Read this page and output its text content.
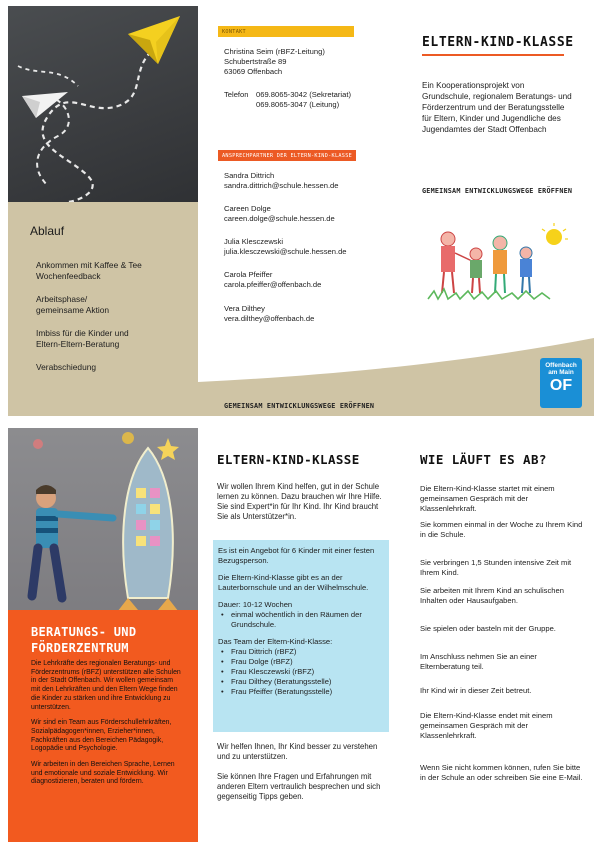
Ablauf
Ankommen mit Kaffee & Tee
Wochenfeedback
Arbeitsphase/
gemeinsame Aktion
Imbiss für die Kinder und
Eltern-Eltern-Beratung
Verabschiedung
KONTAKT
Christina Seim (rBFZ-Leitung)
Schubertstraße 89
63069 Offenbach
Telefon 069.8065-3042 (Sekretariat)
069.8065-3047 (Leitung)
ANSPRECHPARTNER DER ELTERN-KIND-KLASSE
Sandra Dittrich
sandra.dittrich@schule.hessen.de
Careen Dolge
careen.dolge@schule.hessen.de
Julia Klesczewski
julia.klesczewski@schule.hessen.de
Carola Pfeiffer
carola.pfeiffer@offenbach.de
Vera Dilthey
vera.dilthey@offenbach.de
ELTERN-KIND-KLASSE
Ein Kooperationsprojekt von Grundschule, regionalem Beratungs- und Förderzentrum und der Beratungsstelle für Eltern, Kinder und Jugendliche des Jugendamtes der Stadt Offenbach
GEMEINSAM ENTWICKLUNGSWEGE ERÖFFNEN
GEMEINSAM ENTWICKLUNGSWEGE ERÖFFNEN
Offenbach
am Main
OF
BERATUNGS- UND
FÖRDERZENTRUM

Die Lehrkräfte des regionalen Beratungs- und Förderzentrums (rBFZ) unterstützen alle Schulen in der Stadt Offenbach. Wir wollen gemeinsam mit den Lehrkräften und den Eltern Wege finden die Kinder zu stärken und ihre Entwicklung zu unterstützen.

Wir sind ein Team aus Förderschullehrkräften, Sozialpädagogen*innen, Erzieher*innen, Fachkräften aus den Bereichen Pädagogik, Logopädie und Psychologie.

Wir arbeiten in den Bereichen Sprache, Lernen und emotionale und soziale Entwicklung. Wir diagnostizieren, beraten und fördern.

ELTERN-KIND-KLASSE
Wir wollen Ihrem Kind helfen, gut in der Schule lernen zu können. Dazu brauchen wir Ihre Hilfe. Sie sind Expert*in für Ihr Kind. Ihr Kind braucht Sie als Unterstützer*in.
Es ist ein Angebot für 6 Kinder mit einer festen Bezugsperson.
Die Eltern-Kind-Klasse gibt es an der Lauterbornschule und an der Wilhelmschule.
Dauer: 10-12 Wochen
• einmal wöchentlich in den Räumen der Grundschule.
Das Team der Eltern-Kind-Klasse:
• Frau Dittrich (rBFZ)
• Frau Dolge (rBFZ)
• Frau Klesczewski (rBFZ)
• Frau Dilthey (Beratungsstelle)
• Frau Pfeiffer (Beratungsstelle)

Wir helfen Ihnen, Ihr Kind besser zu verstehen und zu unterstützen.

Sie können Ihre Fragen und Erfahrungen mit anderen Eltern vertraulich besprechen und sich gegenseitig Tipps geben.

WIE LÄUFT ES AB?
Die Eltern-Kind-Klasse startet mit einem gemeinsamen Gespräch mit der Klassenlehrkraft.
Sie kommen einmal in der Woche zu Ihrem Kind in die Schule.
Sie verbringen 1,5 Stunden intensive Zeit mit Ihrem Kind.
Sie arbeiten mit Ihrem Kind an schulischen Inhalten oder Hausaufgaben.
Sie spielen oder basteln mit der Gruppe.
Im Anschluss nehmen Sie an einer Elternberatung teil.
Ihr Kind wir in dieser Zeit betreut.
Die Eltern-Kind-Klasse endet mit einem gemeinsamen Gespräch mit der Klassenlehrkraft.
Wenn Sie nicht kommen können, rufen Sie bitte in der Schule an oder schreiben Sie eine E-Mail.
